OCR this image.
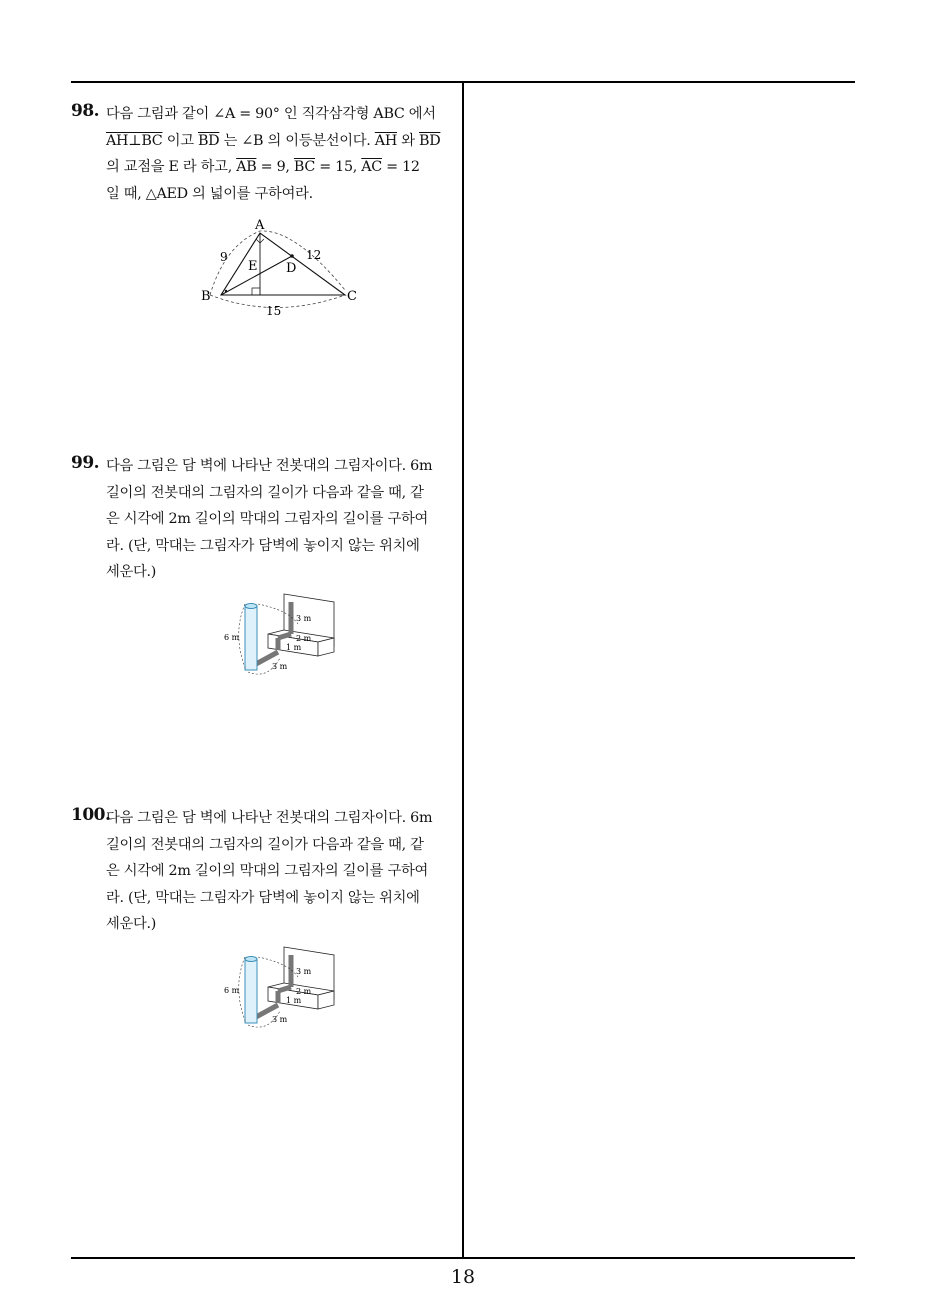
98. 다음 그림과 같이 ∠A = 90° 인 직각삼각형 ABC 에서
AH⊥BC 이고 $\overline{BD}$ 는 ∠B 의 이등분선이다. $\overline{AH}$ 와 $\overline{BD}$
의 교점을 E 라 하고, $\overline{AB} = 9$, $\overline{BC} = 15$, $\overline{AC} = 12$
일 때, △AED 의 넓이를 구하여라.
A
B	C
D
E
9	12
15
99. 다음 그림은 담 벽에 나타난 전봇대의 그림자이다. 6m
길이의 전봇대의 그림자의 길이가 다음과 같을 때, 같
은 시각에 2m 길이의 막대의 그림자의 길이를 구하여
라. (단, 막대는 그림자가 담벽에 놓이지 않는 위치에
세운다.)
6 m
3 m
2 m
1 m
3 m
100.
다음 그림은 담 벽에 나타난 전봇대의 그림자이다. 6m
길이의 전봇대의 그림자의 길이가 다음과 같을 때, 같
은 시각에 2m 길이의 막대의 그림자의 길이를 구하여
라. (단, 막대는 그림자가 담벽에 놓이지 않는 위치에
세운다.)
6 m
3 m
2 m
1 m
3 m
18
